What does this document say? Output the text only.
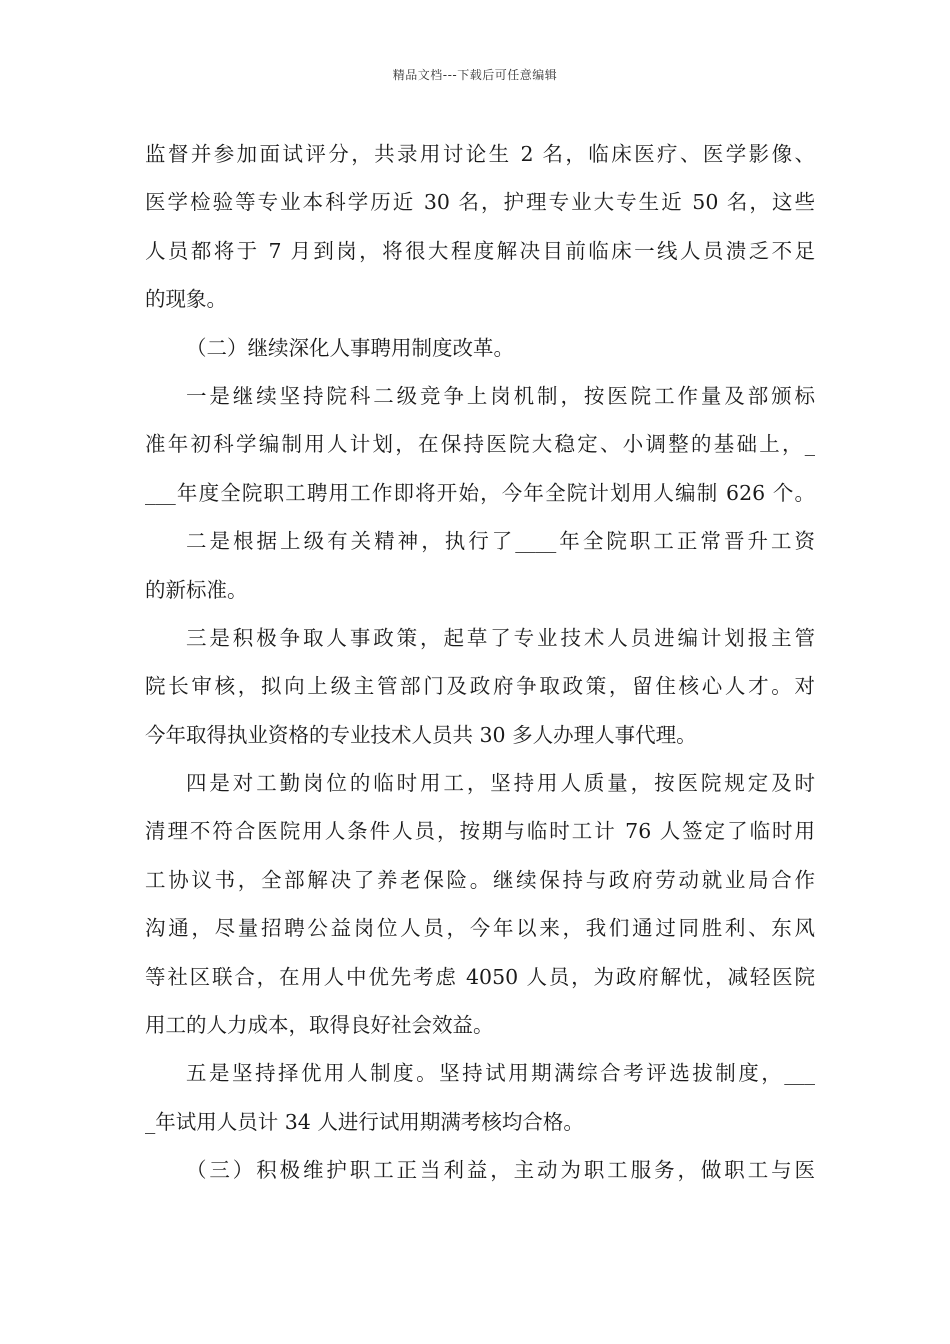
精品文档---下载后可任意编辑
监督并参加面试评分，共录用讨论生 2 名，临床医疗、医学影像、
医学检验等专业本科学历近 30 名，护理专业大专生近 50 名，这些
人员都将于 7 月到岗，将很大程度解决目前临床一线人员溃乏不足
的现象。
（二）继续深化人事聘用制度改革。
一是继续坚持院科二级竞争上岗机制，按医院工作量及部颁标
准年初科学编制用人计划，在保持医院大稳定、小调整的基础上，_
___年度全院职工聘用工作即将开始，今年全院计划用人编制 626 个。
二是根据上级有关精神，执行了____年全院职工正常晋升工资
的新标准。
三是积极争取人事政策，起草了专业技术人员进编计划报主管
院长审核，拟向上级主管部门及政府争取政策，留住核心人才。对
今年取得执业资格的专业技术人员共 30 多人办理人事代理。
四是对工勤岗位的临时用工，坚持用人质量，按医院规定及时
清理不符合医院用人条件人员，按期与临时工计 76 人签定了临时用
工协议书，全部解决了养老保险。继续保持与政府劳动就业局合作
沟通，尽量招聘公益岗位人员，今年以来，我们通过同胜利、东风
等社区联合，在用人中优先考虑 4050 人员，为政府解忧，减轻医院
用工的人力成本，取得良好社会效益。
五是坚持择优用人制度。坚持试用期满综合考评选拔制度，___
_年试用人员计 34 人进行试用期满考核均合格。
（三）积极维护职工正当利益，主动为职工服务，做职工与医
